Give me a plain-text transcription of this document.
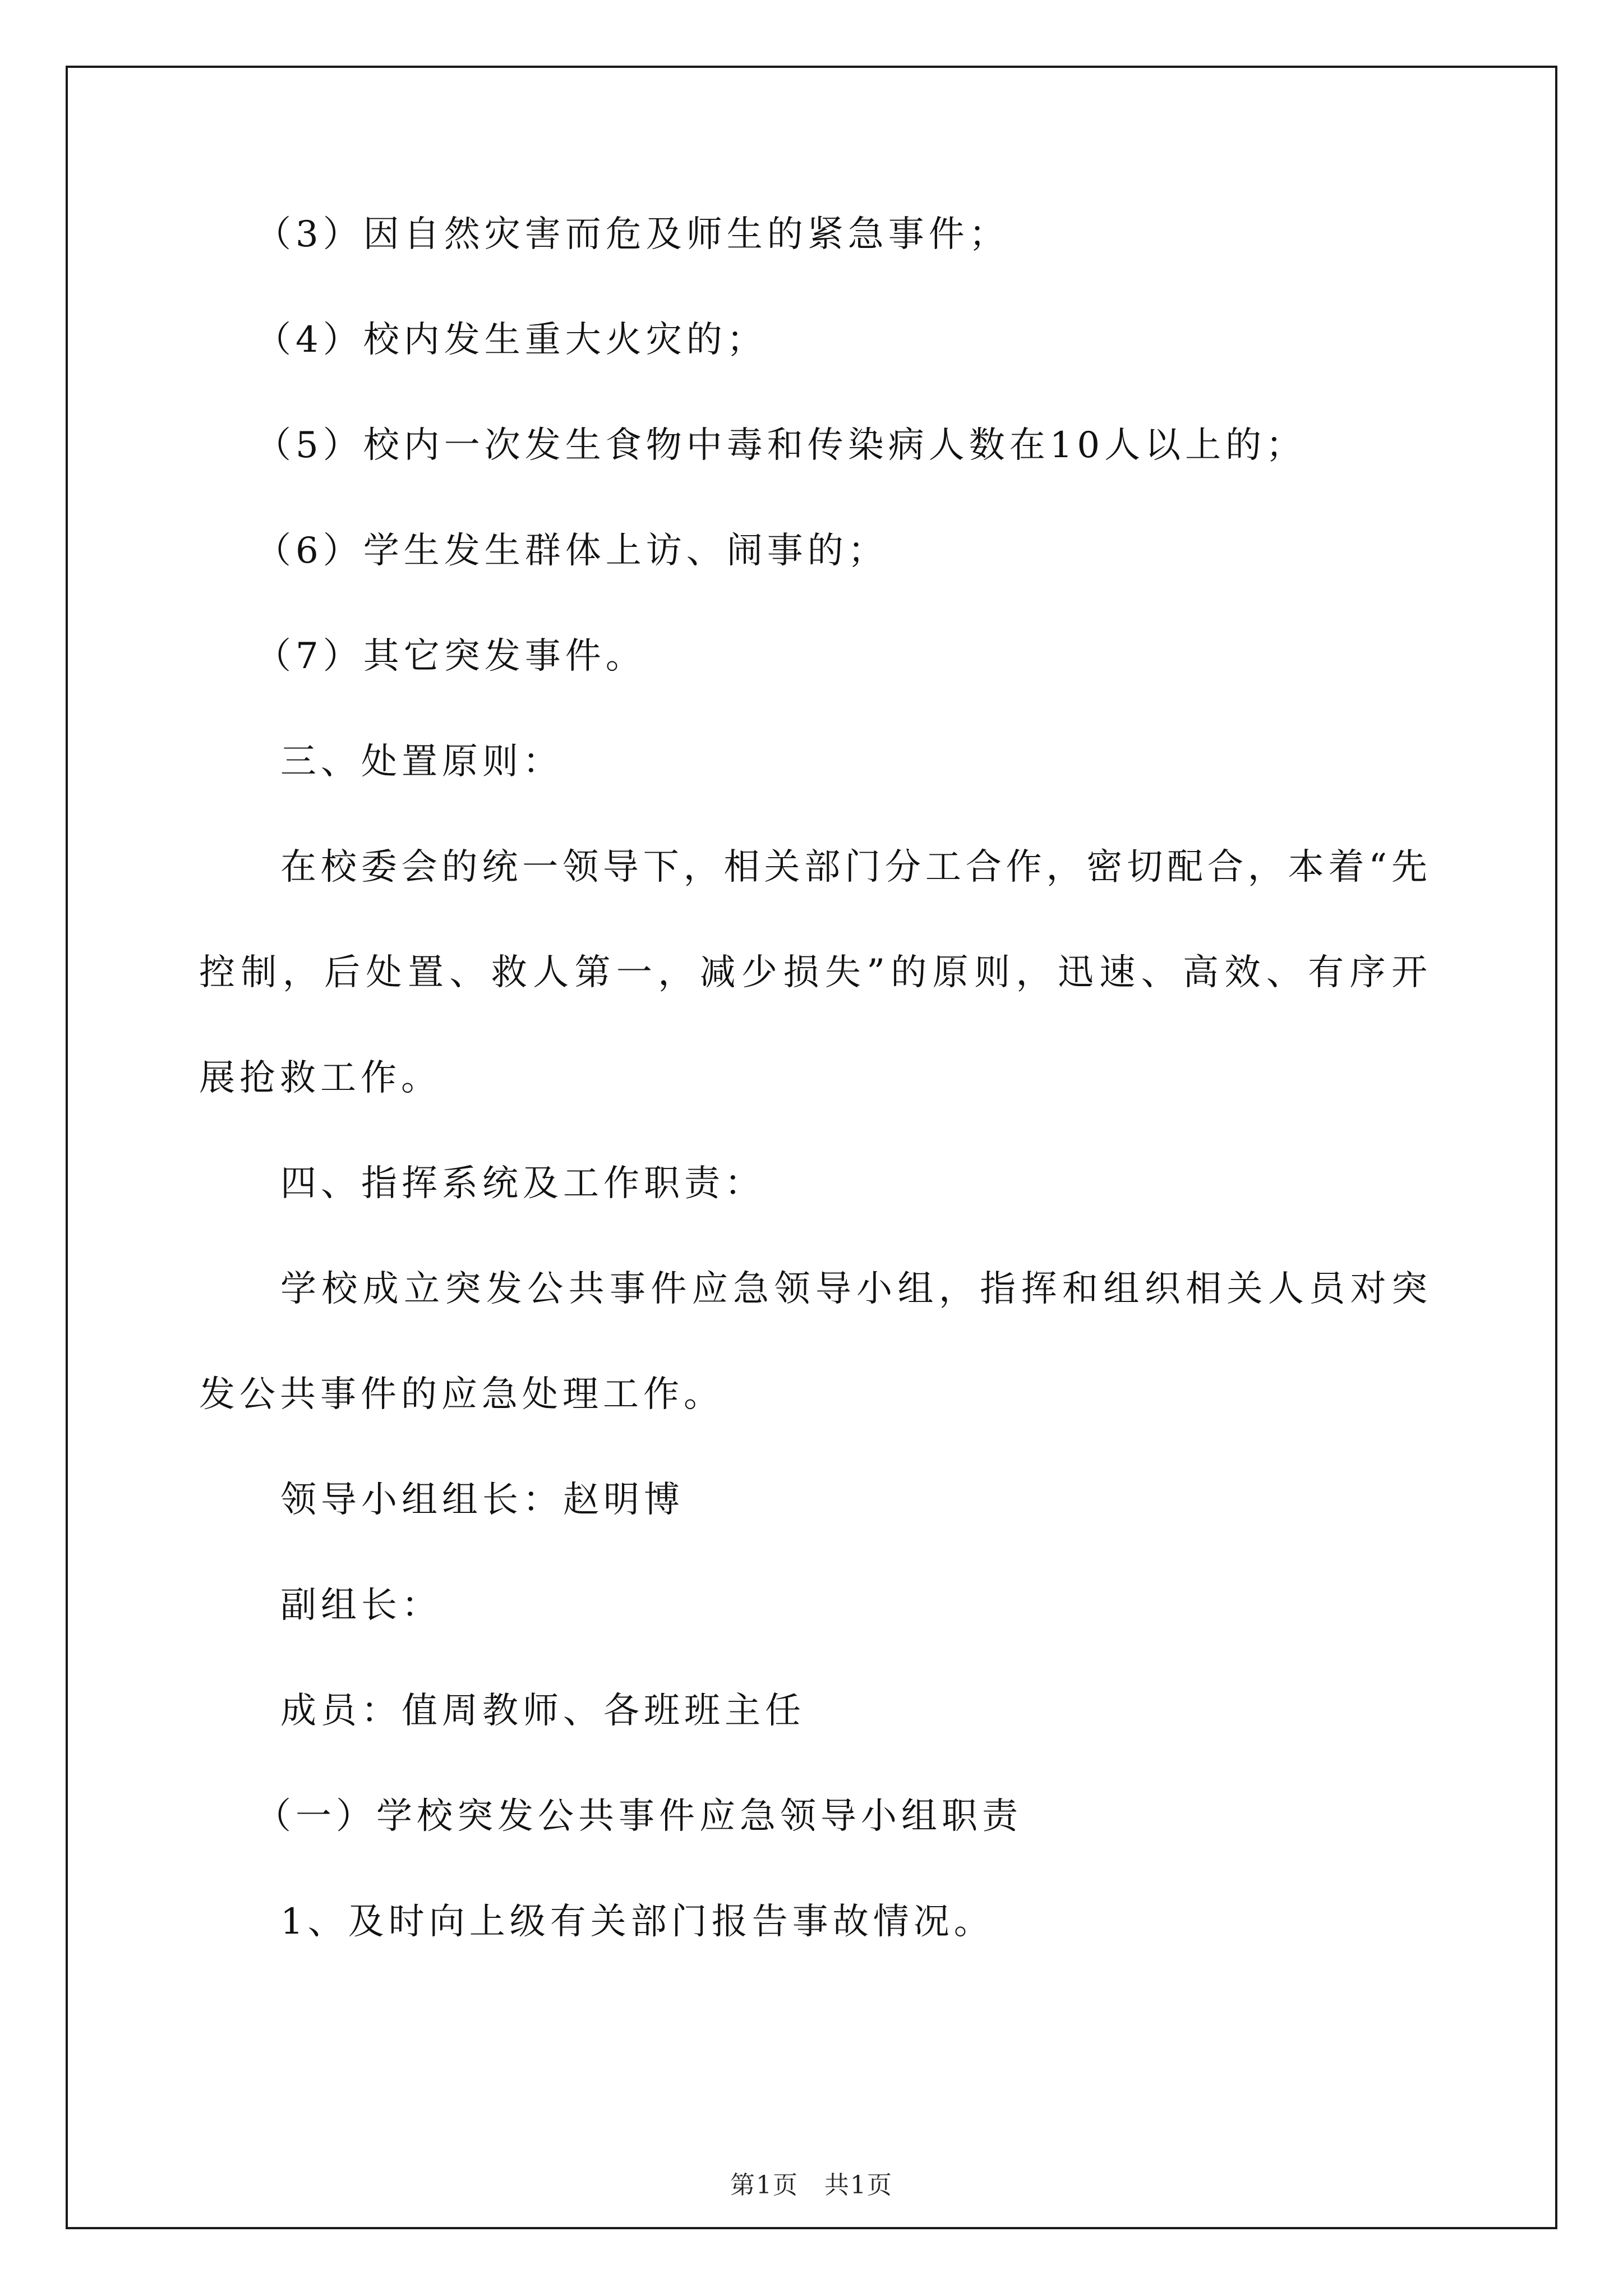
（3）因自然灾害而危及师生的紧急事件；
（4）校内发生重大火灾的；
（5）校内一次发生食物中毒和传染病人数在10人以上的；
（6）学生发生群体上访、闹事的；
（7）其它突发事件。
三、处置原则：
在校委会的统一领导下，相关部门分工合作，密切配合，本着“先
控制，后处置、救人第一，减少损失”的原则，迅速、高效、有序开
展抢救工作。
四、指挥系统及工作职责：
学校成立突发公共事件应急领导小组，指挥和组织相关人员对突
发公共事件的应急处理工作。
领导小组组长：赵明博
副组长：
成员：值周教师、各班班主任
（一）学校突发公共事件应急领导小组职责
1、及时向上级有关部门报告事故情况。
第1页　共1页
